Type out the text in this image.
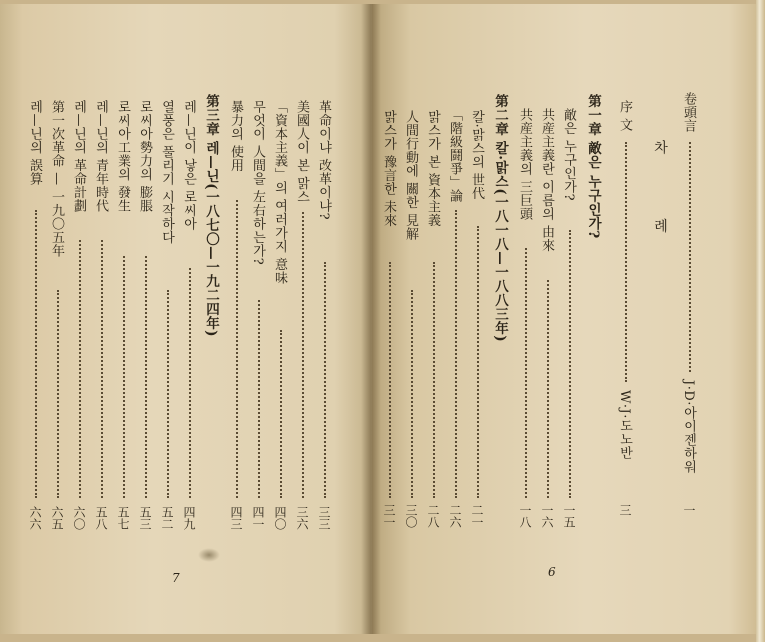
차 례
卷頭言
J·D·아이젠하워
一
序 文
W·J·도노반
三
第一章 敵은 누구인가?
敵은 누구인가?
一五
共産主義란 이름의 由來
一六
共産主義의 三巨頭
一八
第二章 칼·맑스(一八一八—一八八三年)
칼·맑스의 世代
二一
「階級鬪爭」論
二六
맑스가 본 資本主義
二八
人間行動에 關한 見解
三〇
맑스가 豫言한 未來
三一
6
革命이냐 改革이냐?
三三
美國人이 본 맑스
三六
「資本主義」의 여러가지 意味
四〇
무엇이 人間을 左右하는가?
四一
暴力의 使用
四三
第三章 레—닌(一八七〇—一九二四年)
레—닌이 낳은 로씨아
四九
열풍은 풀리기 시작하다
五二
로씨아勢力의 膨脹
五三
로씨아工業의 發生
五七
레—닌의 青年時代
五八
레—닌의 革命計劃
六〇
第一次革命 — 一九〇五年
六五
레—닌의 誤算
六六
7
